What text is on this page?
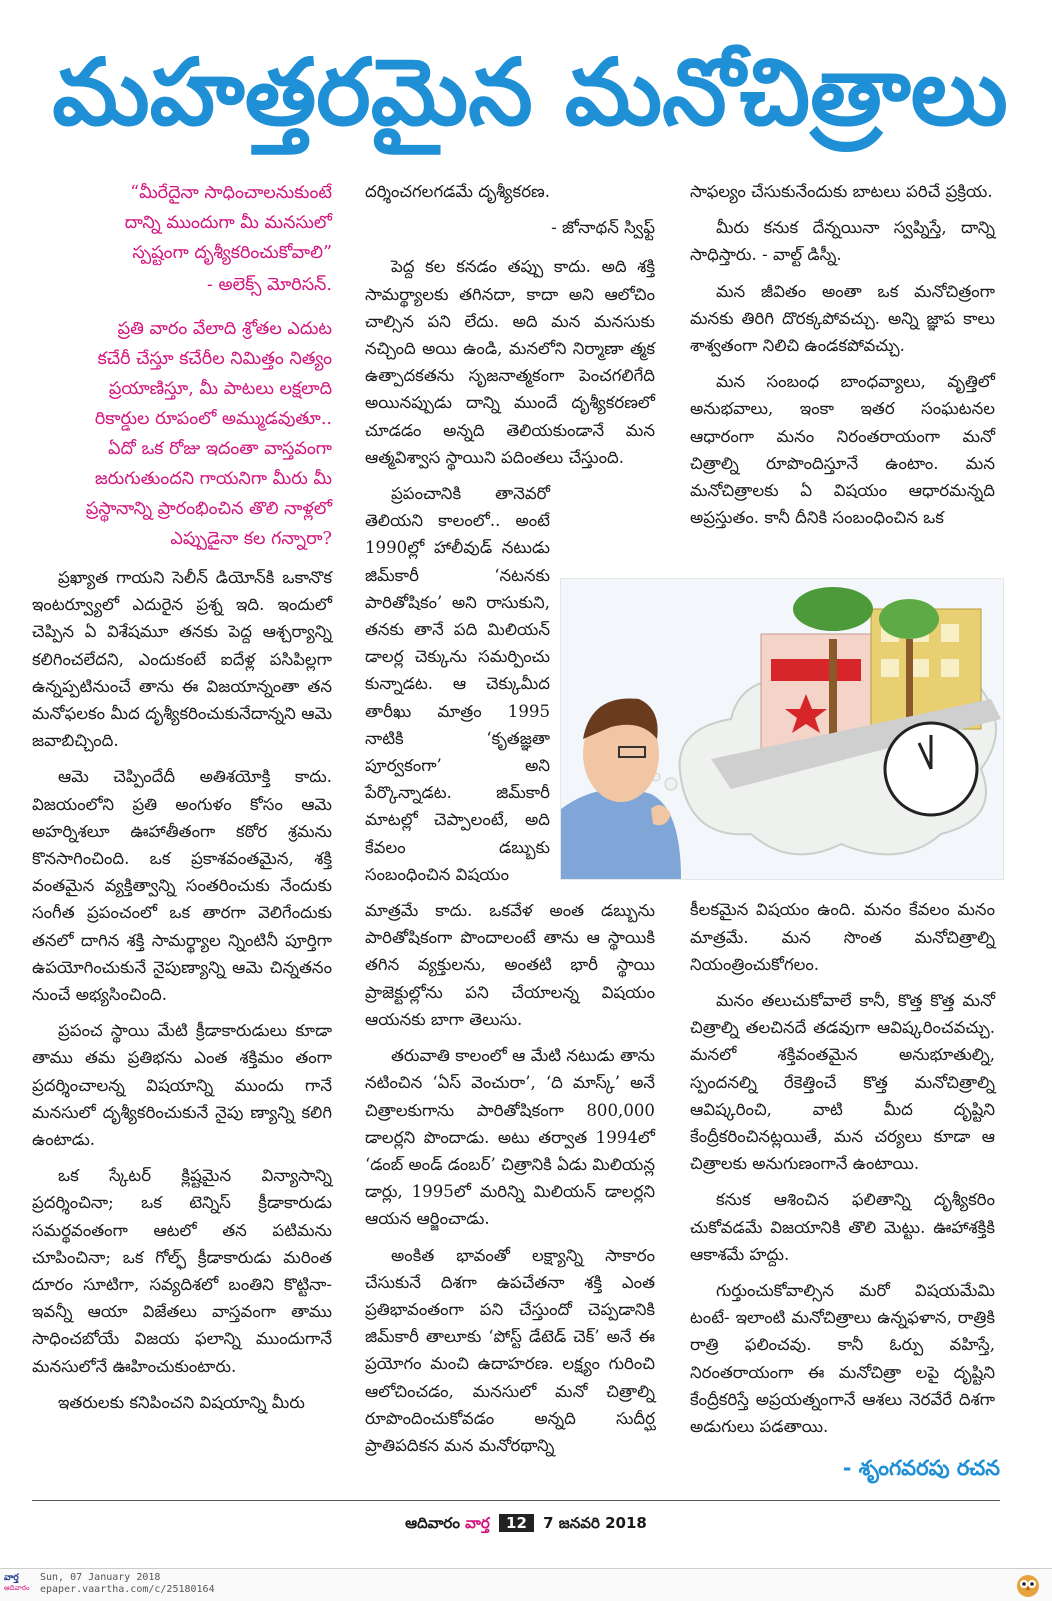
మహత్తరమైన మనోచిత్రాలు

“మీరేదైనా సాధించాలనుకుంటే

దాన్ని ముందుగా మీ మనసులో

స్పష్టంగా దృశ్యీకరించుకోవాలి”

- అలెక్స్ మోరిసన్.

ప్రతి వారం వేలాది శ్రోతల ఎదుట

కచేరీ చేస్తూ కచేరీల నిమిత్తం నిత్యం

ప్రయాణిస్తూ, మీ పాటలు లక్షలాది

రికార్డుల రూపంలో అమ్ముడవుతూ..

ఏదో ఒక రోజు ఇదంతా వాస్తవంగా

జరుగుతుందని గాయనిగా మీరు మీ

ప్రస్థానాన్ని ప్రారంభించిన తొలి నాళ్లలో

ఎప్పుడైనా కల గన్నారా?

ప్రఖ్యాత గాయని సెలీన్ డియోన్‌కి ఒకానొక ఇంటర్వ్యూలో ఎదురైన ప్రశ్న ఇది. ఇందులో చెప్పిన ఏ విశేషమూ తనకు పెద్ద ఆశ్చర్యాన్ని కలిగించలేదని, ఎందుకంటే ఐదేళ్ల పసిపిల్లగా ఉన్నప్పటినుంచే తాను ఈ విజయాన్నంతా తన మనోఫలకం మీద దృశ్యీకరించుకునేదాన్నని ఆమె జవాబిచ్చింది.

ఆమె చెప్పిందేదీ అతిశయోక్తి కాదు. విజయంలోని ప్రతి అంగుళం కోసం ఆమె అహర్నిశలూ ఊహాతీతంగా కఠోర శ్రమను కొనసాగించింది. ఒక ప్రకాశవంతమైన, శక్తి వంతమైన వ్యక్తిత్వాన్ని సంతరించుకు నేందుకు సంగీత ప్రపంచంలో ఒక తారగా వెలిగేందుకు తనలో దాగిన శక్తి సామర్థ్యాల న్నింటినీ పూర్తిగా ఉపయోగించుకునే నైపుణ్యాన్ని ఆమె చిన్నతనం నుంచే అభ్యసించింది.

ప్రపంచ స్థాయి మేటి క్రీడాకారుడులు కూడా తాము తమ ప్రతిభను ఎంత శక్తిమం తంగా ప్రదర్శించాలన్న విషయాన్ని ముందు గానే మనసులో దృశ్యీకరించుకునే నైపు ణ్యాన్ని కలిగి ఉంటాడు.

ఒక స్కేటర్ క్లిష్టమైన విన్యాసాన్ని ప్రదర్శించినా; ఒక టెన్నిస్ క్రీడాకారుడు సమర్థవంతంగా ఆటలో తన పటిమను చూపించినా; ఒక గోల్ఫ్ క్రీడాకారుడు మరింత దూరం సూటిగా, సవ్యదిశలో బంతిని కొట్టినా- ఇవన్నీ ఆయా విజేతలు వాస్తవంగా తాము సాధించబోయే విజయ ఫలాన్ని ముందుగానే మనసులోనే ఊహించుకుంటారు.

ఇతరులకు కనిపించని విషయాన్ని మీరు

దర్శించగలగడమే దృశ్యీకరణ.

- జోనాథన్ స్విఫ్ట్

పెద్ద కల కనడం తప్పు కాదు. అది శక్తి సామర్థ్యాలకు తగినదా, కాదా అని ఆలోచిం చాల్సిన పని లేదు. అది మన మనసుకు నచ్చింది అయి ఉండి, మనలోని నిర్మాణా త్మక ఉత్పాదకతను సృజనాత్మకంగా పెంచగలిగేది అయినప్పుడు దాన్ని ముందే దృశ్యీకరణలో చూడడం అన్నది తెలియకుండానే మన ఆత్మవిశ్వాస స్థాయిని పదింతలు చేస్తుంది.

ప్రపంచానికి తానెవరో తెలియని కాలంలో.. అంటే 1990ల్లో హాలీవుడ్ నటుడు జిమ్‌కారీ ‘నటనకు పారితోషికం’ అని రాసుకుని, తనకు తానే పది మిలియన్ డాలర్ల చెక్కును సమర్పించు కున్నాడట. ఆ చెక్కుమీద తారీఖు మాత్రం 1995 నాటికి ‘కృతజ్ఞతా పూర్వకంగా’ అని పేర్కొన్నాడట. జిమ్‌కారీ మాటల్లో చెప్పాలంటే, అది కేవలం డబ్బుకు సంబంధించిన విషయం

మాత్రమే కాదు. ఒకవేళ అంత డబ్బును పారితోషికంగా పొందాలంటే తాను ఆ స్థాయికి తగిన వ్యక్తులను, అంతటి భారీ స్థాయి ప్రాజెక్టుల్లోను పని చేయాలన్న విషయం ఆయనకు బాగా తెలుసు.

తరువాతి కాలంలో ఆ మేటి నటుడు తాను నటించిన ‘ఏస్ వెంచురా’, ‘ది మాస్క్’ అనే చిత్రాలకుగాను పారితోషికంగా 800,000 డాలర్లని పొందాడు. అటు తర్వాత 1994లో ‘డంబ్ అండ్ డంబర్’ చిత్రానికి ఏడు మిలియన్ల డార్లు, 1995లో మరిన్ని మిలియన్ డాలర్లని ఆయన ఆర్జించాడు.

అంకిత భావంతో లక్ష్యాన్ని సాకారం చేసుకునే దిశగా ఉపచేతనా శక్తి ఎంత ప్రతిభావంతంగా పని చేస్తుందో చెప్పడానికి జిమ్‌కారీ తాలూకు ‘పోస్ట్ డేటెడ్ చెక్’ అనే ఈ ప్రయోగం మంచి ఉదాహరణ. లక్ష్యం గురించి ఆలోచించడం, మనసులో మనో చిత్రాల్ని రూపొందించుకోవడం అన్నది సుదీర్ఘ ప్రాతిపదికన మన మనోరథాన్ని

సాఫల్యం చేసుకునేందుకు బాటలు పరిచే ప్రక్రియ.

మీరు కనుక దేన్నయినా స్వప్నిస్తే, దాన్ని సాధిస్తారు. - వాల్ట్ డిస్నీ.

మన జీవితం అంతా ఒక మనోచిత్రంగా మనకు తిరిగి దొరక్కపోవచ్చు. అన్ని జ్ఞాప కాలు శాశ్వతంగా నిలిచి ఉండకపోవచ్చు.

మన సంబంధ బాంధవ్యాలు, వృత్తిలో అనుభవాలు, ఇంకా ఇతర సంఘటనల ఆధారంగా మనం నిరంతరాయంగా మనో చిత్రాల్ని రూపొందిస్తూనే ఉంటాం. మన మనోచిత్రాలకు ఏ విషయం ఆధారమన్నది అప్రస్తుతం. కానీ దీనికి సంబంధించిన ఒక

కీలకమైన విషయం ఉంది. మనం కేవలం మనం మాత్రమే. మన సొంత మనోచిత్రాల్ని నియంత్రించుకోగలం.

మనం తలుచుకోవాలే కానీ, కొత్త కొత్త మనో చిత్రాల్ని తలచినదే తడవుగా ఆవిష్కరించవచ్చు. మనలో శక్తివంతమైన అనుభూతుల్ని, స్పందనల్ని రేకెత్తించే కొత్త మనోచిత్రాల్ని ఆవిష్కరించి, వాటి మీద దృష్టిని కేంద్రీకరించినట్లయితే, మన చర్యలు కూడా ఆ చిత్రాలకు అనుగుణంగానే ఉంటాయి.

కనుక ఆశించిన ఫలితాన్ని దృశ్యీకరిం చుకోవడమే విజయానికి తొలి మెట్టు. ఊహాశక్తికి ఆకాశమే హద్దు.

గుర్తుంచుకోవాల్సిన మరో విషయమేమి టంటే- ఇలాంటి మనోచిత్రాలు ఉన్నఫళాన, రాత్రికి రాత్రి ఫలించవు. కానీ ఓర్పు వహిస్తే, నిరంతరాయంగా ఈ మనోచిత్రా లపై దృష్టిని కేంద్రీకరిస్తే అప్రయత్నంగానే ఆశలు నెరవేరే దిశగా అడుగులు పడతాయి.

- శృంగవరపు రచన
ఆదివారం వార్త 12 7 జనవరి 2018
వార్త
ఆదివారం
Sun, 07 January 2018
epaper.vaartha.com/c/25180164
